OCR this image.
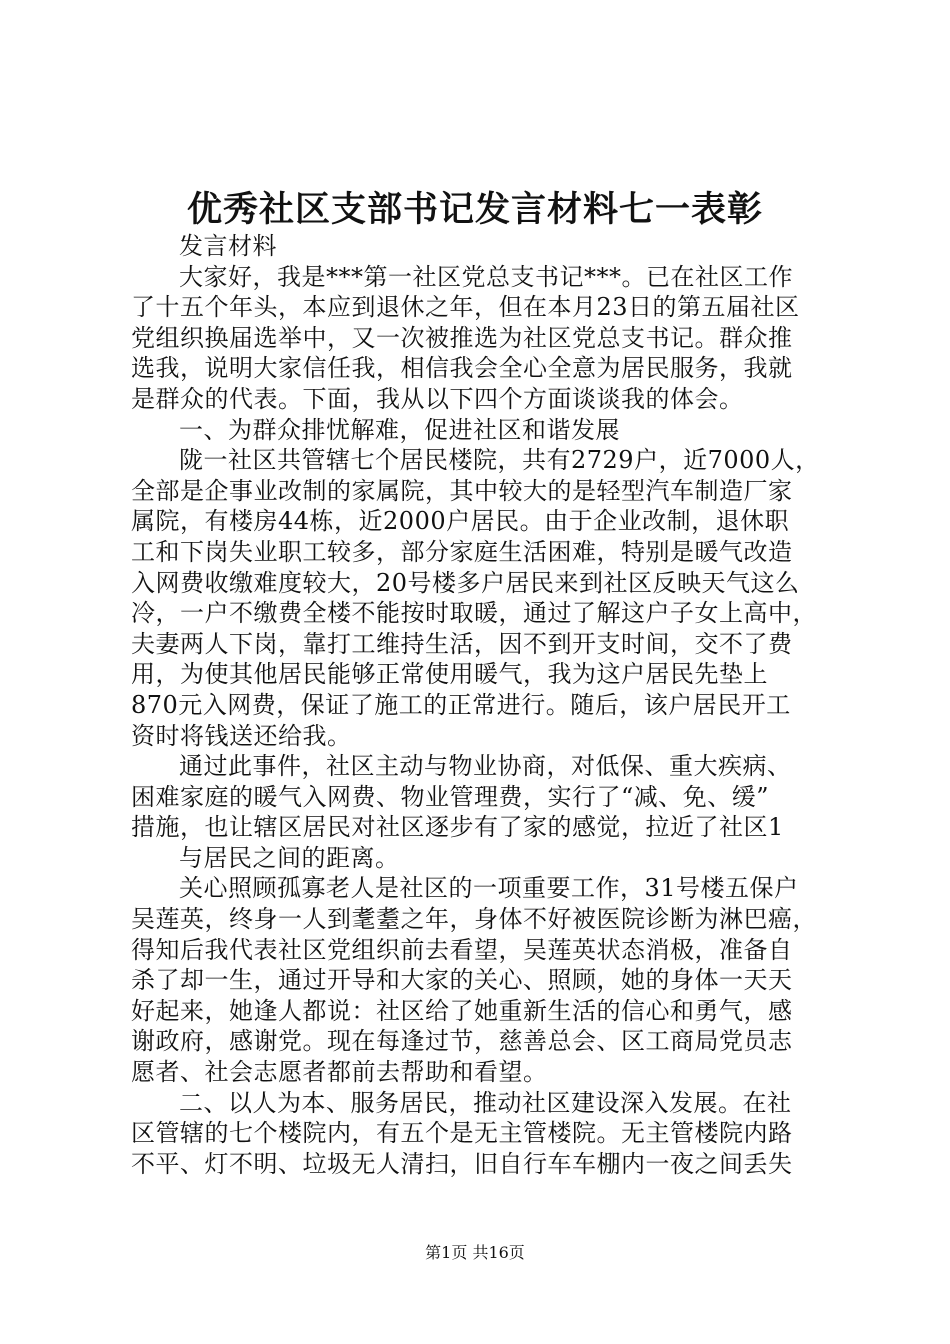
优秀社区支部书记发言材料七一表彰
发言材料
大家好，我是***第一社区党总支书记***。已在社区工作
了十五个年头，本应到退休之年，但在本月23日的第五届社区
党组织换届选举中，又一次被推选为社区党总支书记。群众推
选我，说明大家信任我，相信我会全心全意为居民服务，我就
是群众的代表。下面，我从以下四个方面谈谈我的体会。
一、为群众排忧解难，促进社区和谐发展
陇一社区共管辖七个居民楼院，共有2729户，近7000人，
全部是企事业改制的家属院，其中较大的是轻型汽车制造厂家
属院，有楼房44栋，近2000户居民。由于企业改制，退休职
工和下岗失业职工较多，部分家庭生活困难，特别是暖气改造
入网费收缴难度较大，20号楼多户居民来到社区反映天气这么
冷，一户不缴费全楼不能按时取暖，通过了解这户子女上高中，
夫妻两人下岗，靠打工维持生活，因不到开支时间，交不了费
用，为使其他居民能够正常使用暖气，我为这户居民先垫上
870元入网费，保证了施工的正常进行。随后，该户居民开工
资时将钱送还给我。
通过此事件，社区主动与物业协商，对低保、重大疾病、
困难家庭的暖气入网费、物业管理费，实行了“减、免、缓”
措施，也让辖区居民对社区逐步有了家的感觉，拉近了社区1
与居民之间的距离。
关心照顾孤寡老人是社区的一项重要工作，31号楼五保户
吴莲英，终身一人到耄耋之年，身体不好被医院诊断为淋巴癌，
得知后我代表社区党组织前去看望，吴莲英状态消极，准备自
杀了却一生，通过开导和大家的关心、照顾，她的身体一天天
好起来，她逢人都说：社区给了她重新生活的信心和勇气，感
谢政府，感谢党。现在每逢过节，慈善总会、区工商局党员志
愿者、社会志愿者都前去帮助和看望。
二、以人为本、服务居民，推动社区建设深入发展。在社
区管辖的七个楼院内，有五个是无主管楼院。无主管楼院内路
不平、灯不明、垃圾无人清扫，旧自行车车棚内一夜之间丢失
第1页 共16页
